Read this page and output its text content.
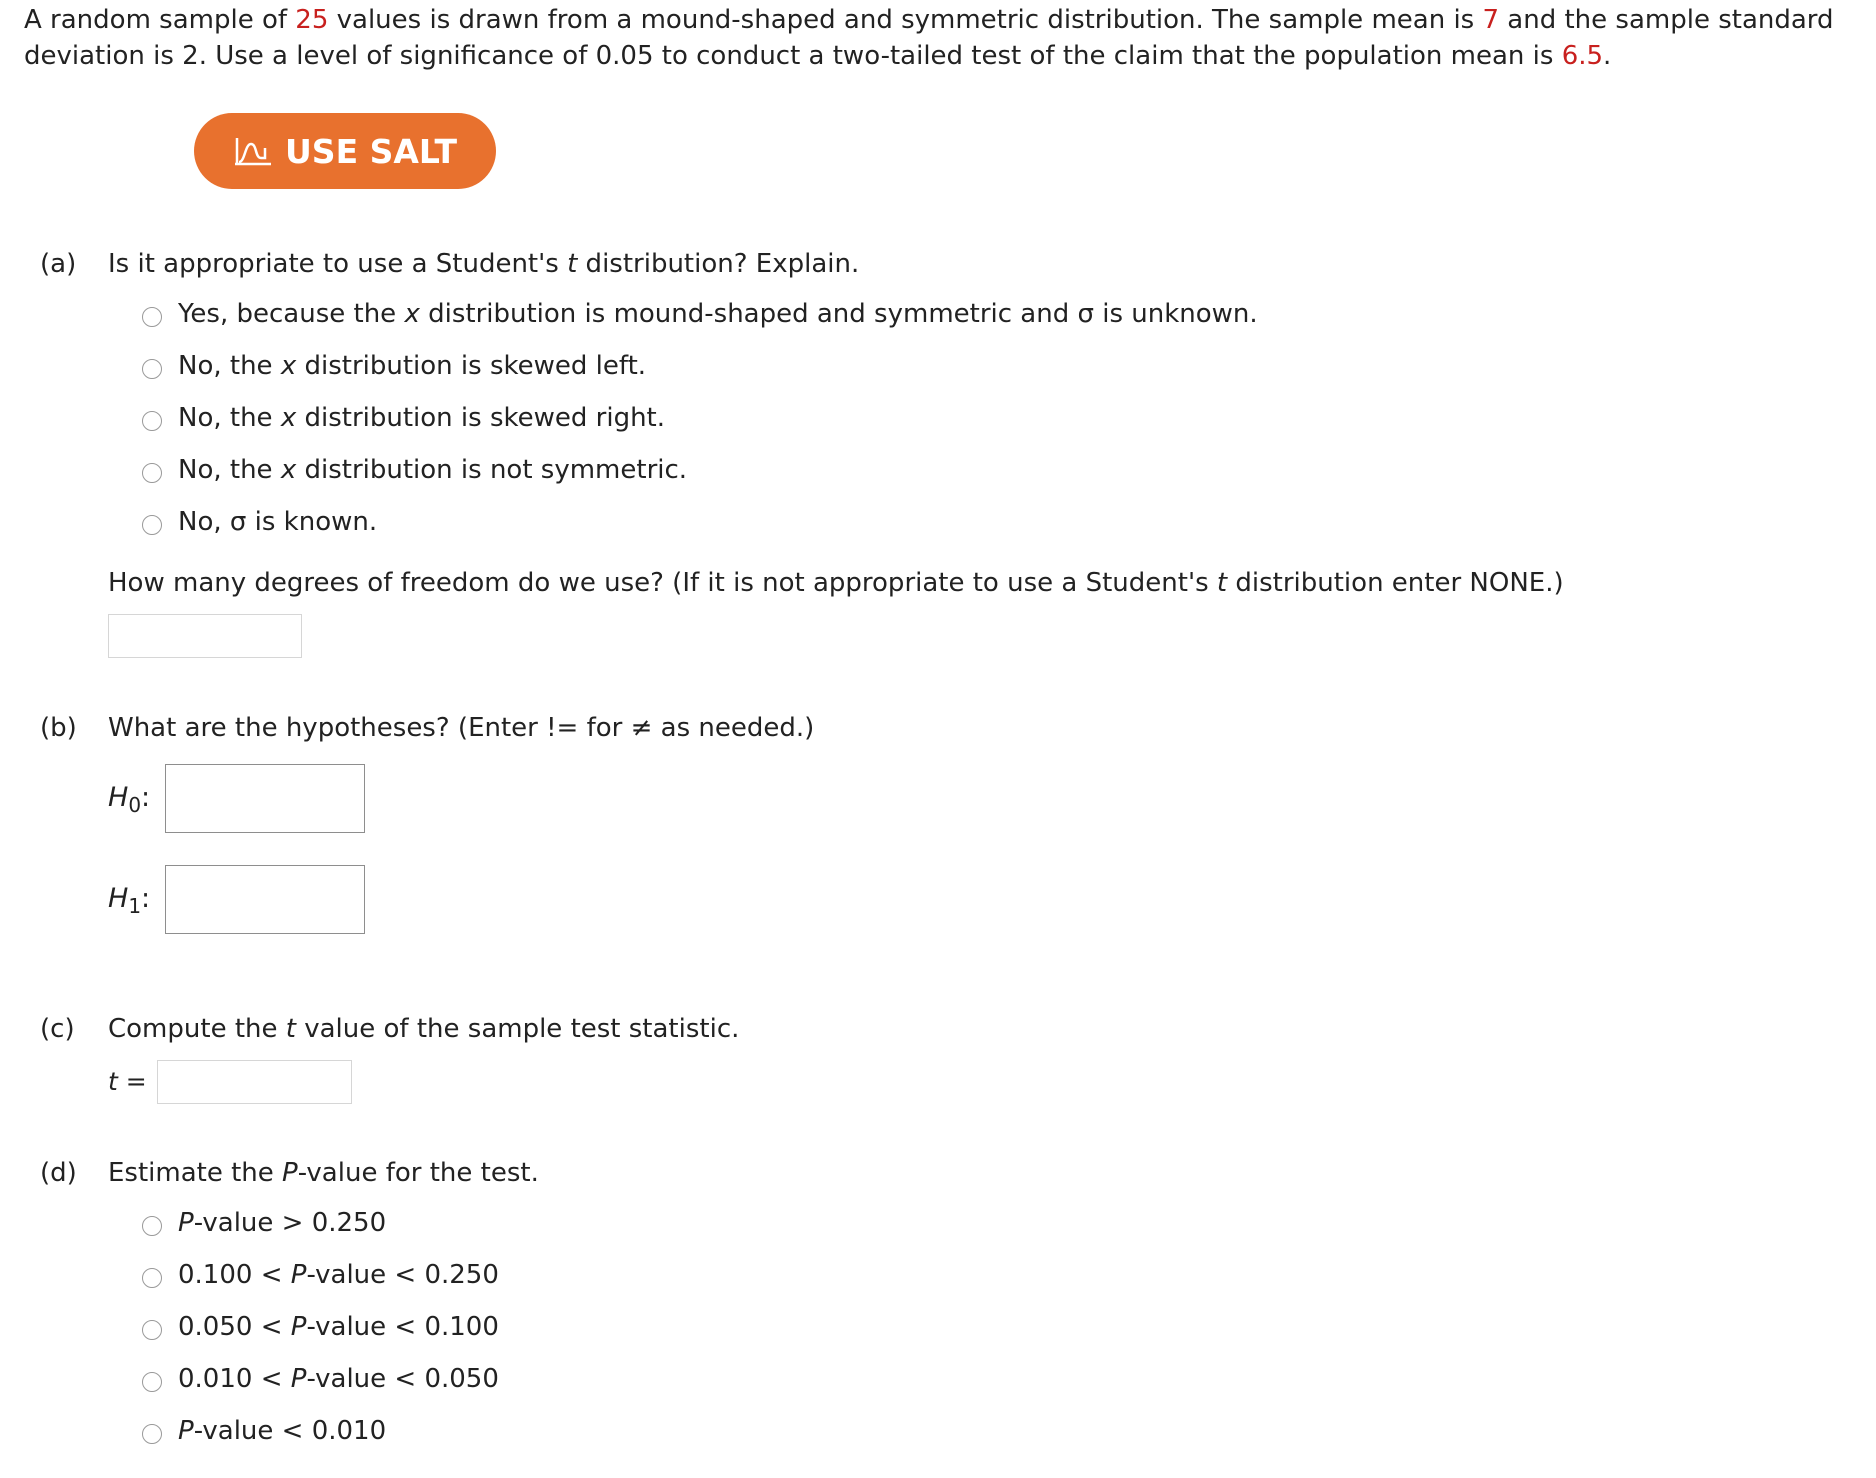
A random sample of 25 values is drawn from a mound-shaped and symmetric distribution. The sample mean is 7 and the sample standard
deviation is 2. Use a level of significance of 0.05 to conduct a two-tailed test of the claim that the population mean is 6.5.
USE SALT
(a) Is it appropriate to use a Student's t distribution? Explain.
Yes, because the x distribution is mound-shaped and symmetric and σ is unknown.
No, the x distribution is skewed left.
No, the x distribution is skewed right.
No, the x distribution is not symmetric.
No, σ is known.
How many degrees of freedom do we use? (If it is not appropriate to use a Student's t distribution enter NONE.)
(b) What are the hypotheses? (Enter != for ≠ as needed.)
$H_0$:
$H_1$:
(c) Compute the t value of the sample test statistic.
t =
(d) Estimate the P-value for the test.
P-value > 0.250
0.100 < P-value < 0.250
0.050 < P-value < 0.100
0.010 < P-value < 0.050
P-value < 0.010
